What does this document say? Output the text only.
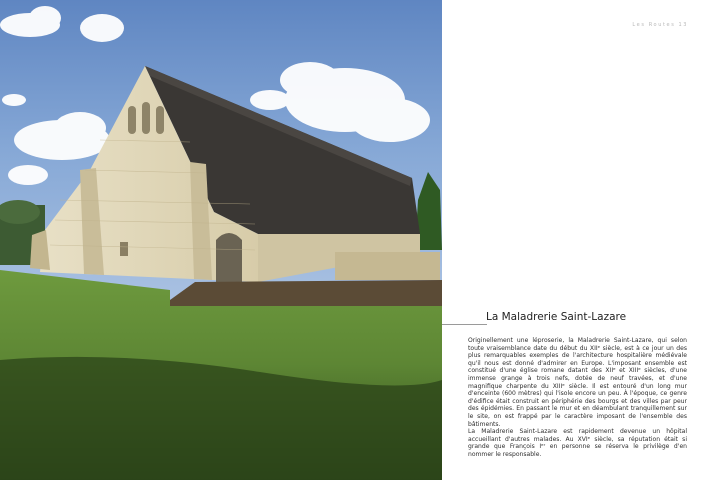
Les Routes 13
La Maladrerie Saint-Lazare

Originellement une léproserie, la Maladrerie Saint-Lazare, qui selon toute vraisemblance date du début du XIIᵉ siècle, est à ce jour un des plus remarquables exemples de l'architecture hospitalière médiévale qu'il nous est donné d'admirer en Europe. L'imposant ensemble est constitué d'une église romane datant des XIIᵉ et XIIIᵉ siècles, d'une immense grange à trois nefs, dotée de neuf travées, et d'une magnifique charpente du XIIIᵉ siècle. Il est entouré d'un long mur d'enceinte (600 mètres) qui l'isole encore un peu. À l'époque, ce genre d'édifice était construit en périphérie des bourgs et des villes par peur des épidémies. En passant le mur et en déambulant tranquillement sur le site, on est frappé par le caractère imposant de l'ensemble des bâtiments.

La Maladrerie Saint-Lazare est rapidement devenue un hôpital accueillant d'autres malades. Au XVIᵉ siècle, sa réputation était si grande que François Iᵉʳ en personne se réserva le privilège d'en nommer le responsable.
